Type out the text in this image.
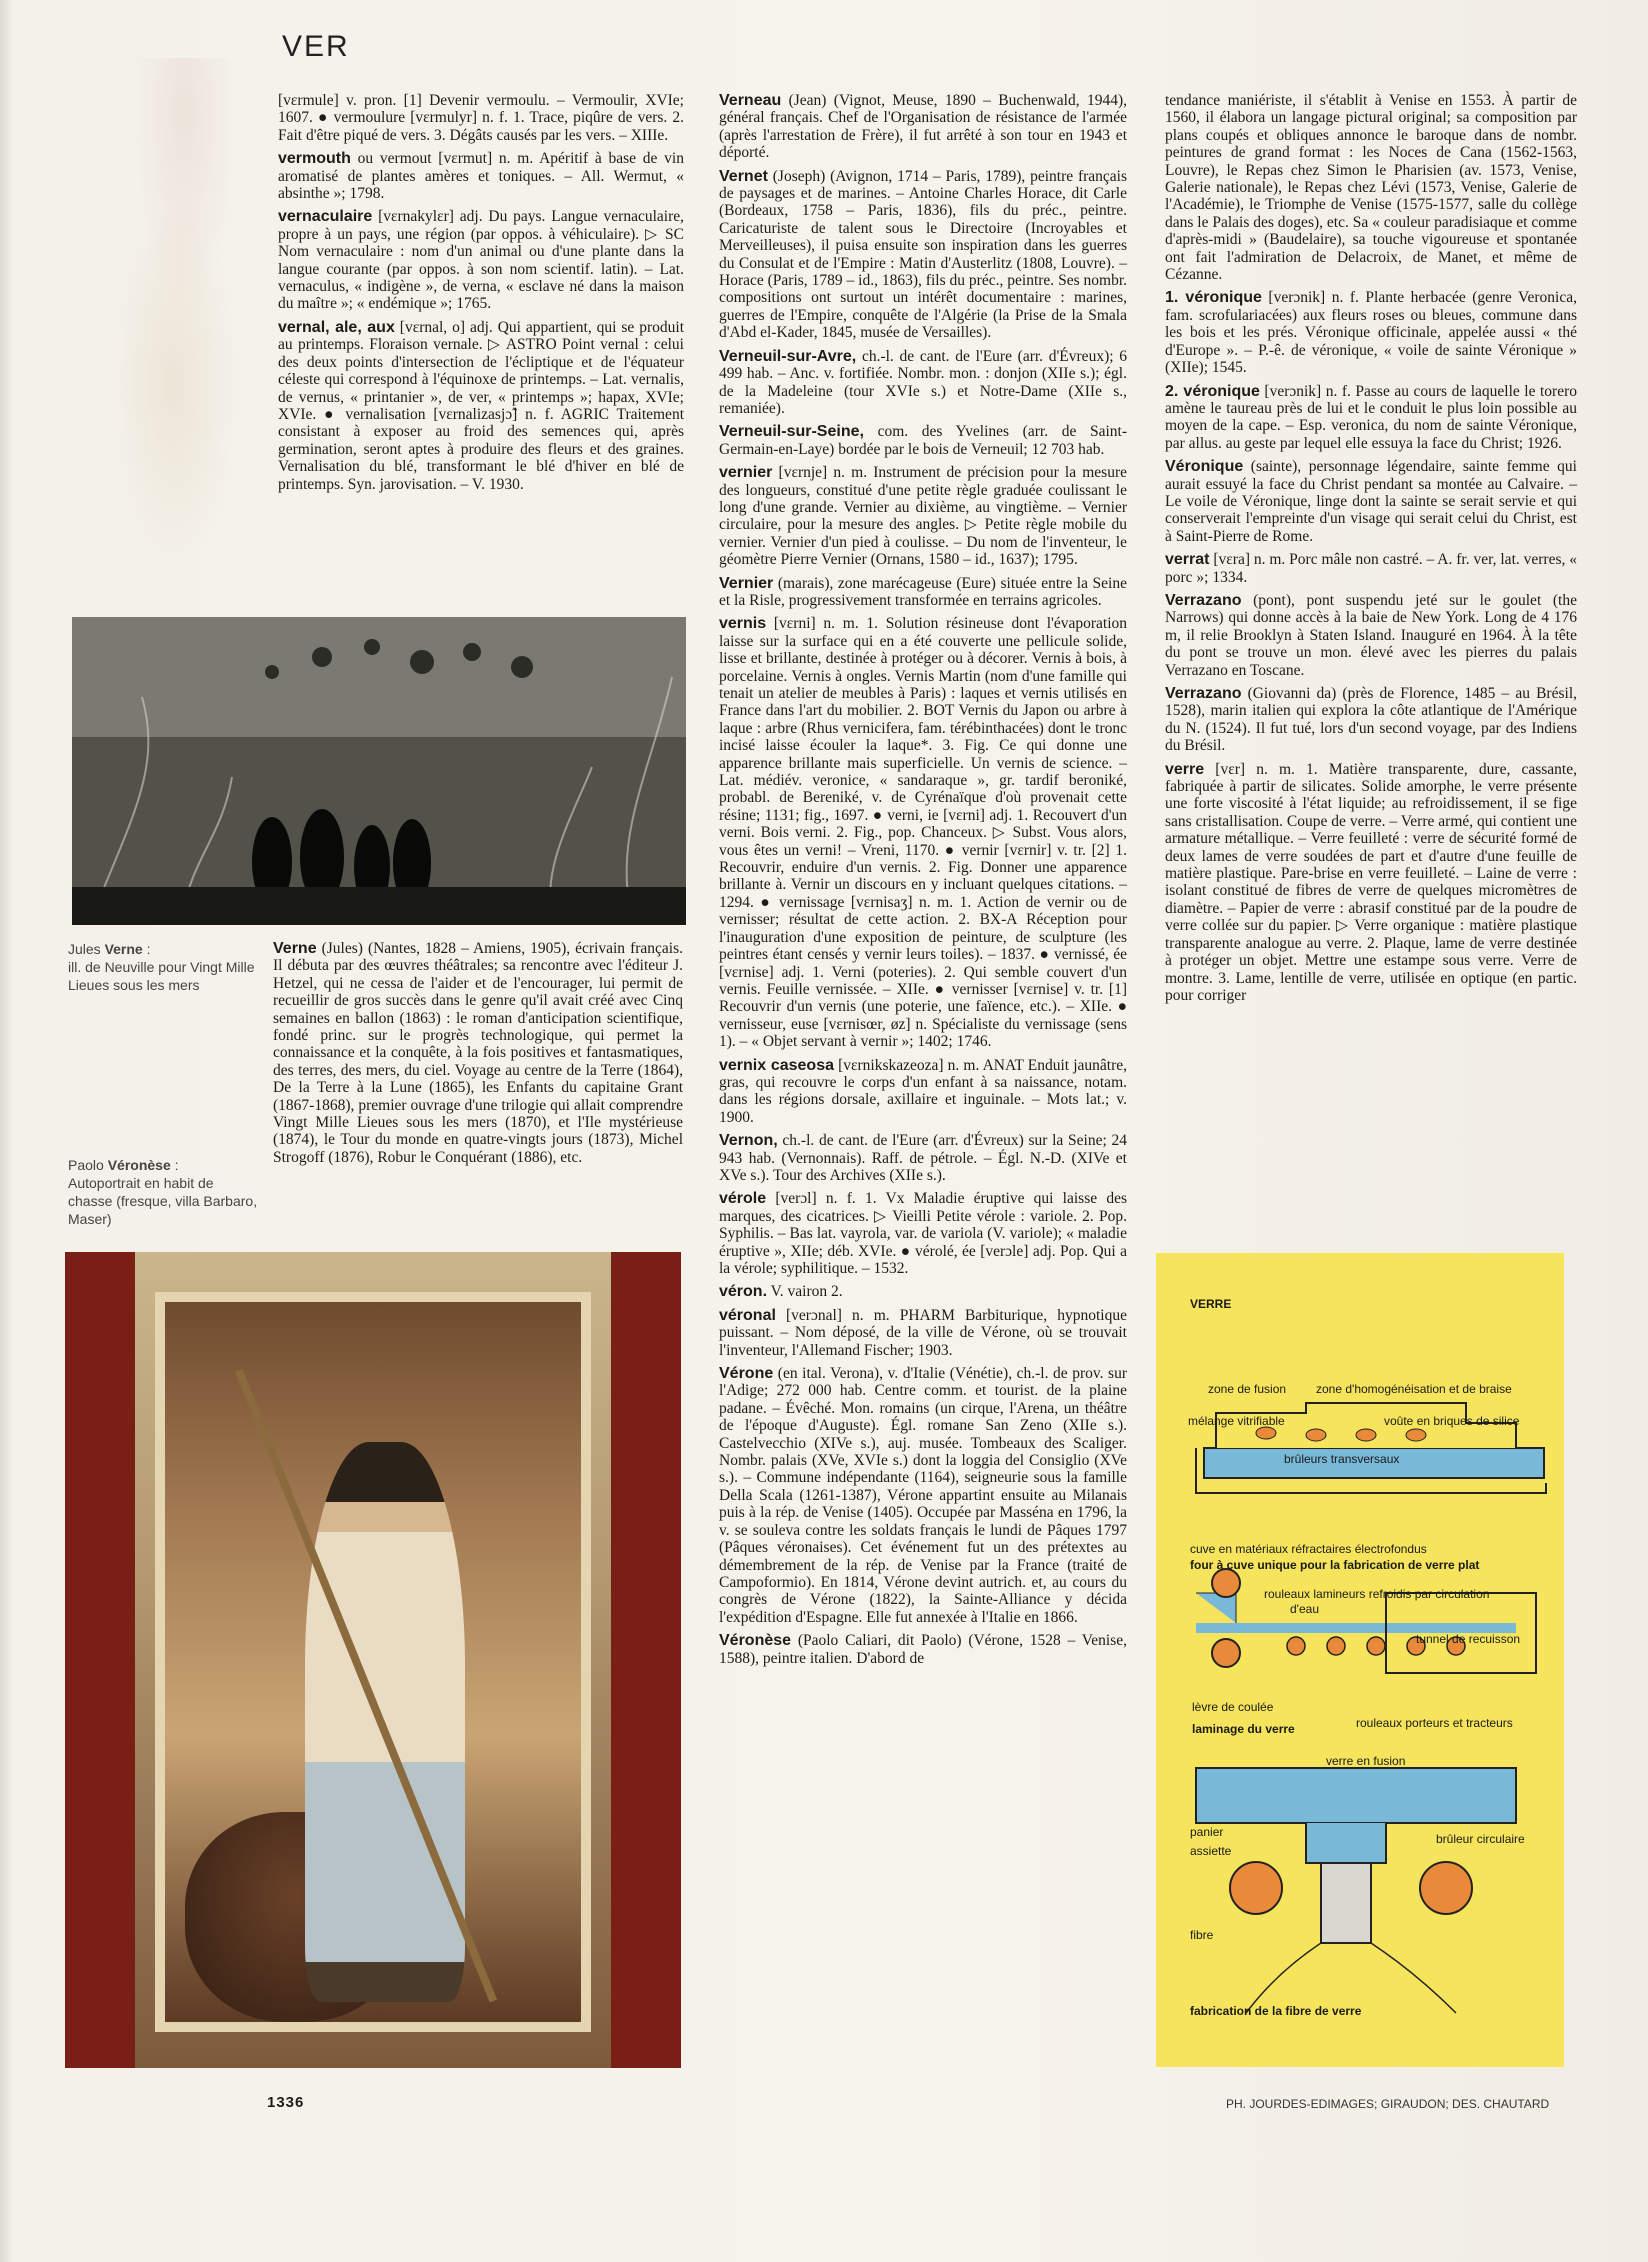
VER

[vɛrmule] v. pron. [1] Devenir vermoulu. – Vermoulir, XVIe; 1607. ● vermoulure [vɛrmulyr] n. f. 1. Trace, piqûre de vers. 2. Fait d'être piqué de vers. 3. Dégâts causés par les vers. – XIIIe.

vermouth ou vermout [vɛrmut] n. m. Apéritif à base de vin aromatisé de plantes amères et toniques. – All. Wermut, « absinthe »; 1798.

vernaculaire [vɛrnakylɛr] adj. Du pays. Langue vernaculaire, propre à un pays, une région (par oppos. à véhiculaire). ▷ SC Nom vernaculaire : nom d'un animal ou d'une plante dans la langue courante (par oppos. à son nom scientif. latin). – Lat. vernaculus, « indigène », de verna, « esclave né dans la maison du maître »; « endémique »; 1765.

vernal, ale, aux [vɛrnal, o] adj. Qui appartient, qui se produit au printemps. Floraison vernale. ▷ ASTRO Point vernal : celui des deux points d'intersection de l'écliptique et de l'équateur céleste qui correspond à l'équinoxe de printemps. – Lat. vernalis, de vernus, « printanier », de ver, « printemps »; hapax, XVIe; XVIe. ● vernalisation [vɛrnalizasjɔ̃] n. f. AGRIC Traitement consistant à exposer au froid des semences qui, après germination, seront aptes à produire des fleurs et des graines. Vernalisation du blé, transformant le blé d'hiver en blé de printemps. Syn. jarovisation. – V. 1930.

Jules Verne :
ill. de Neuville pour Vingt Mille Lieues sous les mers
Paolo Véronèse :
Autoportrait en habit de chasse (fresque, villa Barbaro, Maser)

Verne (Jules) (Nantes, 1828 – Amiens, 1905), écrivain français. Il débuta par des œuvres théâtrales; sa rencontre avec l'éditeur J. Hetzel, qui ne cessa de l'aider et de l'encourager, lui permit de recueillir de gros succès dans le genre qu'il avait créé avec Cinq semaines en ballon (1863) : le roman d'anticipation scientifique, fondé princ. sur le progrès technologique, qui permet la connaissance et la conquête, à la fois positives et fantasmatiques, des terres, des mers, du ciel. Voyage au centre de la Terre (1864), De la Terre à la Lune (1865), les Enfants du capitaine Grant (1867-1868), premier ouvrage d'une trilogie qui allait comprendre Vingt Mille Lieues sous les mers (1870), et l'Ile mystérieuse (1874), le Tour du monde en quatre-vingts jours (1873), Michel Strogoff (1876), Robur le Conquérant (1886), etc.

Verneau (Jean) (Vignot, Meuse, 1890 – Buchenwald, 1944), général français. Chef de l'Organisation de résistance de l'armée (après l'arrestation de Frère), il fut arrêté à son tour en 1943 et déporté.

Vernet (Joseph) (Avignon, 1714 – Paris, 1789), peintre français de paysages et de marines. – Antoine Charles Horace, dit Carle (Bordeaux, 1758 – Paris, 1836), fils du préc., peintre. Caricaturiste de talent sous le Directoire (Incroyables et Merveilleuses), il puisa ensuite son inspiration dans les guerres du Consulat et de l'Empire : Matin d'Austerlitz (1808, Louvre). – Horace (Paris, 1789 – id., 1863), fils du préc., peintre. Ses nombr. compositions ont surtout un intérêt documentaire : marines, guerres de l'Empire, conquête de l'Algérie (la Prise de la Smala d'Abd el-Kader, 1845, musée de Versailles).

Verneuil-sur-Avre, ch.-l. de cant. de l'Eure (arr. d'Évreux); 6 499 hab. – Anc. v. fortifiée. Nombr. mon. : donjon (XIIe s.); égl. de la Madeleine (tour XVIe s.) et Notre-Dame (XIIe s., remaniée).

Verneuil-sur-Seine, com. des Yvelines (arr. de Saint-Germain-en-Laye) bordée par le bois de Verneuil; 12 703 hab.

vernier [vɛrnje] n. m. Instrument de précision pour la mesure des longueurs, constitué d'une petite règle graduée coulissant le long d'une grande. Vernier au dixième, au vingtième. – Vernier circulaire, pour la mesure des angles. ▷ Petite règle mobile du vernier. Vernier d'un pied à coulisse. – Du nom de l'inventeur, le géomètre Pierre Vernier (Ornans, 1580 – id., 1637); 1795.

Vernier (marais), zone marécageuse (Eure) située entre la Seine et la Risle, progressivement transformée en terrains agricoles.

vernis [vɛrni] n. m. 1. Solution résineuse dont l'évaporation laisse sur la surface qui en a été couverte une pellicule solide, lisse et brillante, destinée à protéger ou à décorer. Vernis à bois, à porcelaine. Vernis à ongles. Vernis Martin (nom d'une famille qui tenait un atelier de meubles à Paris) : laques et vernis utilisés en France dans l'art du mobilier. 2. BOT Vernis du Japon ou arbre à laque : arbre (Rhus vernicifera, fam. térébinthacées) dont le tronc incisé laisse écouler la laque*. 3. Fig. Ce qui donne une apparence brillante mais superficielle. Un vernis de science. – Lat. médiév. veronice, « sandaraque », gr. tardif beroniké, probabl. de Bereniké, v. de Cyrénaïque d'où provenait cette résine; 1131; fig., 1697. ● verni, ie [vɛrni] adj. 1. Recouvert d'un verni. Bois verni. 2. Fig., pop. Chanceux. ▷ Subst. Vous alors, vous êtes un verni! – Vreni, 1170. ● vernir [vɛrnir] v. tr. [2] 1. Recouvrir, enduire d'un vernis. 2. Fig. Donner une apparence brillante à. Vernir un discours en y incluant quelques citations. – 1294. ● vernissage [vɛrnisaʒ] n. m. 1. Action de vernir ou de vernisser; résultat de cette action. 2. BX-A Réception pour l'inauguration d'une exposition de peinture, de sculpture (les peintres étant censés y vernir leurs toiles). – 1837. ● vernissé, ée [vɛrnise] adj. 1. Verni (poteries). 2. Qui semble couvert d'un vernis. Feuille vernissée. – XIIe. ● vernisser [vɛrnise] v. tr. [1] Recouvrir d'un vernis (une poterie, une faïence, etc.). – XIIe. ● vernisseur, euse [vɛrnisœr, øz] n. Spécialiste du vernissage (sens 1). – « Objet servant à vernir »; 1402; 1746.

vernix caseosa [vɛrnikskazeoza] n. m. ANAT Enduit jaunâtre, gras, qui recouvre le corps d'un enfant à sa naissance, notam. dans les régions dorsale, axillaire et inguinale. – Mots lat.; v. 1900.

Vernon, ch.-l. de cant. de l'Eure (arr. d'Évreux) sur la Seine; 24 943 hab. (Vernonnais). Raff. de pétrole. – Égl. N.-D. (XIVe et XVe s.). Tour des Archives (XIIe s.).

vérole [verɔl] n. f. 1. Vx Maladie éruptive qui laisse des marques, des cicatrices. ▷ Vieilli Petite vérole : variole. 2. Pop. Syphilis. – Bas lat. vayrola, var. de variola (V. variole); « maladie éruptive », XIIe; déb. XVIe. ● vérolé, ée [verɔle] adj. Pop. Qui a la vérole; syphilitique. – 1532.

véron. V. vairon 2.

véronal [verɔnal] n. m. PHARM Barbiturique, hypnotique puissant. – Nom déposé, de la ville de Vérone, où se trouvait l'inventeur, l'Allemand Fischer; 1903.

Vérone (en ital. Verona), v. d'Italie (Vénétie), ch.-l. de prov. sur l'Adige; 272 000 hab. Centre comm. et tourist. de la plaine padane. – Évêché. Mon. romains (un cirque, l'Arena, un théâtre de l'époque d'Auguste). Égl. romane San Zeno (XIIe s.). Castelvecchio (XIVe s.), auj. musée. Tombeaux des Scaliger. Nombr. palais (XVe, XVIe s.) dont la loggia del Consiglio (XVe s.). – Commune indépendante (1164), seigneurie sous la famille Della Scala (1261-1387), Vérone appartint ensuite au Milanais puis à la rép. de Venise (1405). Occupée par Masséna en 1796, la v. se souleva contre les soldats français le lundi de Pâques 1797 (Pâques véronaises). Cet événement fut un des prétextes au démembrement de la rép. de Venise par la France (traité de Campoformio). En 1814, Vérone devint autrich. et, au cours du congrès de Vérone (1822), la Sainte-Alliance y décida l'expédition d'Espagne. Elle fut annexée à l'Italie en 1866.

Véronèse (Paolo Caliari, dit Paolo) (Vérone, 1528 – Venise, 1588), peintre italien. D'abord de

tendance maniériste, il s'établit à Venise en 1553. À partir de 1560, il élabora un langage pictural original; sa composition par plans coupés et obliques annonce le baroque dans de nombr. peintures de grand format : les Noces de Cana (1562-1563, Louvre), le Repas chez Simon le Pharisien (av. 1573, Venise, Galerie nationale), le Repas chez Lévi (1573, Venise, Galerie de l'Académie), le Triomphe de Venise (1575-1577, salle du collège dans le Palais des doges), etc. Sa « couleur paradisiaque et comme d'après-midi » (Baudelaire), sa touche vigoureuse et spontanée ont fait l'admiration de Delacroix, de Manet, et même de Cézanne.

1. véronique [verɔnik] n. f. Plante herbacée (genre Veronica, fam. scrofulariacées) aux fleurs roses ou bleues, commune dans les bois et les prés. Véronique officinale, appelée aussi « thé d'Europe ». – P.-ê. de véronique, « voile de sainte Véronique » (XIIe); 1545.

2. véronique [verɔnik] n. f. Passe au cours de laquelle le torero amène le taureau près de lui et le conduit le plus loin possible au moyen de la cape. – Esp. veronica, du nom de sainte Véronique, par allus. au geste par lequel elle essuya la face du Christ; 1926.

Véronique (sainte), personnage légendaire, sainte femme qui aurait essuyé la face du Christ pendant sa montée au Calvaire. – Le voile de Véronique, linge dont la sainte se serait servie et qui conserverait l'empreinte d'un visage qui serait celui du Christ, est à Saint-Pierre de Rome.

verrat [vɛra] n. m. Porc mâle non castré. – A. fr. ver, lat. verres, « porc »; 1334.

Verrazano (pont), pont suspendu jeté sur le goulet (the Narrows) qui donne accès à la baie de New York. Long de 4 176 m, il relie Brooklyn à Staten Island. Inauguré en 1964. À la tête du pont se trouve un mon. élevé avec les pierres du palais Verrazano en Toscane.

Verrazano (Giovanni da) (près de Florence, 1485 – au Brésil, 1528), marin italien qui explora la côte atlantique de l'Amérique du N. (1524). Il fut tué, lors d'un second voyage, par des Indiens du Brésil.

verre [vɛr] n. m. 1. Matière transparente, dure, cassante, fabriquée à partir de silicates. Solide amorphe, le verre présente une forte viscosité à l'état liquide; au refroidissement, il se fige sans cristallisation. Coupe de verre. – Verre armé, qui contient une armature métallique. – Verre feuilleté : verre de sécurité formé de deux lames de verre soudées de part et d'autre d'une feuille de matière plastique. Pare-brise en verre feuilleté. – Laine de verre : isolant constitué de fibres de verre de quelques micromètres de diamètre. – Papier de verre : abrasif constitué par de la poudre de verre collée sur du papier. ▷ Verre organique : matière plastique transparente analogue au verre. 2. Plaque, lame de verre destinée à protéger un objet. Mettre une estampe sous verre. Verre de montre. 3. Lame, lentille de verre, utilisée en optique (en partic. pour corriger

VERRE
zone de fusion zone d'homogénéisation et de braise
mélange vitrifiable	voûte en briques de silice
brûleurs transversaux
cuve en matériaux réfractaires électrofondus
four à cuve unique pour la fabrication de verre plat
rouleaux lamineurs refroidis par circulation
d'eau
tunnel de recuisson
lèvre de coulée
laminage du verre	rouleaux porteurs et tracteurs
verre en fusion
panier
assiette
brûleur circulaire
fibre
fabrication de la fibre de verre
1336	PH. JOURDES-EDIMAGES; GIRAUDON; DES. CHAUTARD
